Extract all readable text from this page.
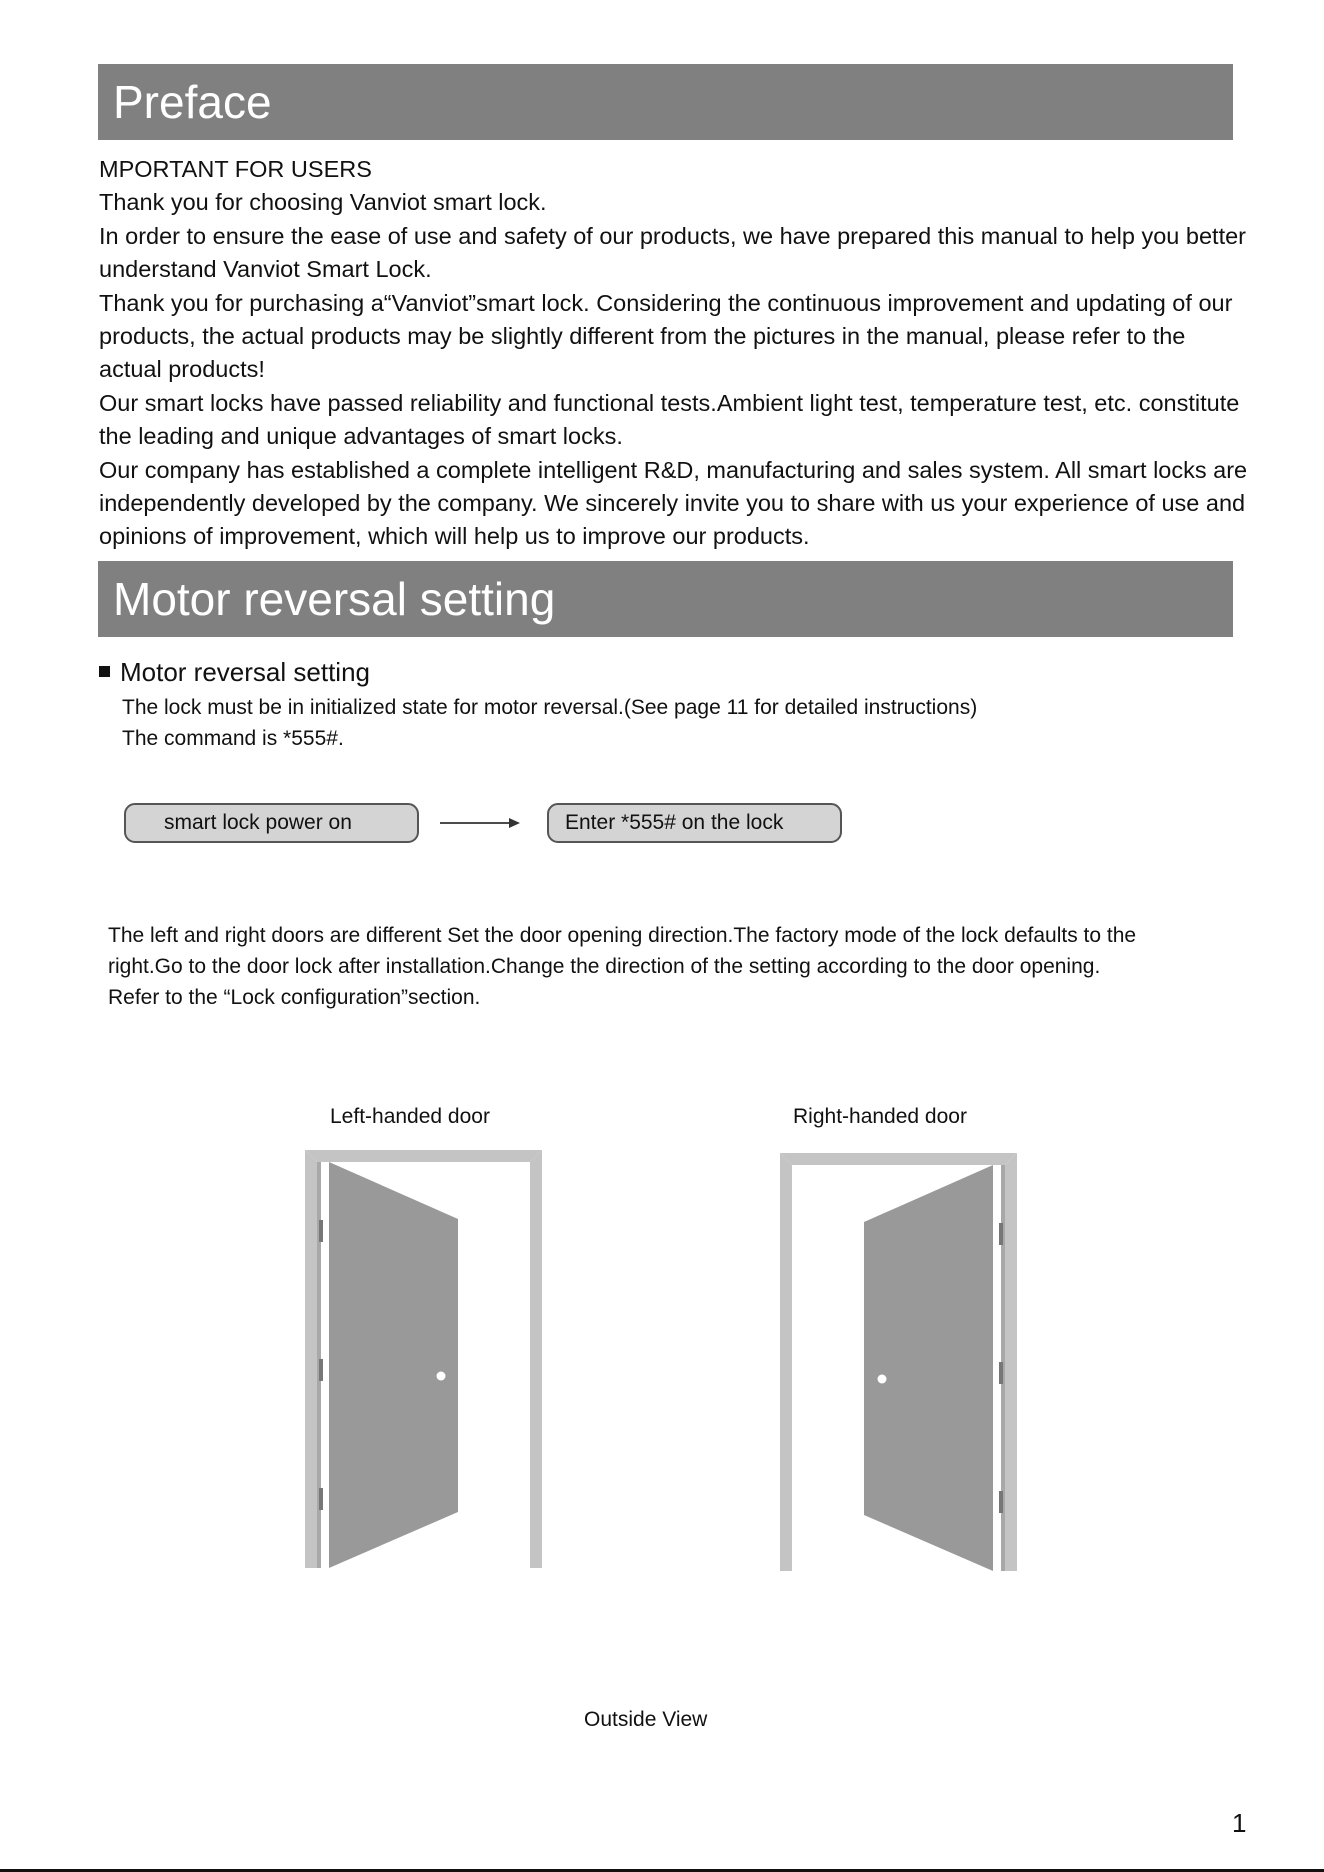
Preface

MPORTANT FOR USERS

Thank you for choosing Vanviot smart lock.

In order to ensure the ease of use and safety of our products, we have prepared this manual to help you better understand Vanviot Smart Lock.

Thank you for purchasing a“Vanviot”smart lock. Considering the continuous improvement and updating of our products, the actual products may be slightly different from the pictures in the manual, please refer to the actual products!

Our smart locks have passed reliability and functional tests.Ambient light test, temperature test, etc. constitute the leading and unique advantages of smart locks.

Our company has established a complete intelligent R&D, manufacturing and sales system. All smart locks are independently developed by the company. We sincerely invite you to share with us your experience of use and opinions of improvement, which will help us to improve our products.

Motor reversal setting
Motor reversal setting

The lock must be in initialized state for motor reversal.(See page 11 for detailed instructions)

The command is *555#.

smart lock power on	Enter *555# on the lock

The left and right doors are different Set the door opening direction.The factory mode of the lock defaults to the

right.Go to the door lock after installation.Change the direction of the setting according to the door opening.

Refer to the “Lock configuration”section.

Left-handed door	Right-handed door
Outside View
1
